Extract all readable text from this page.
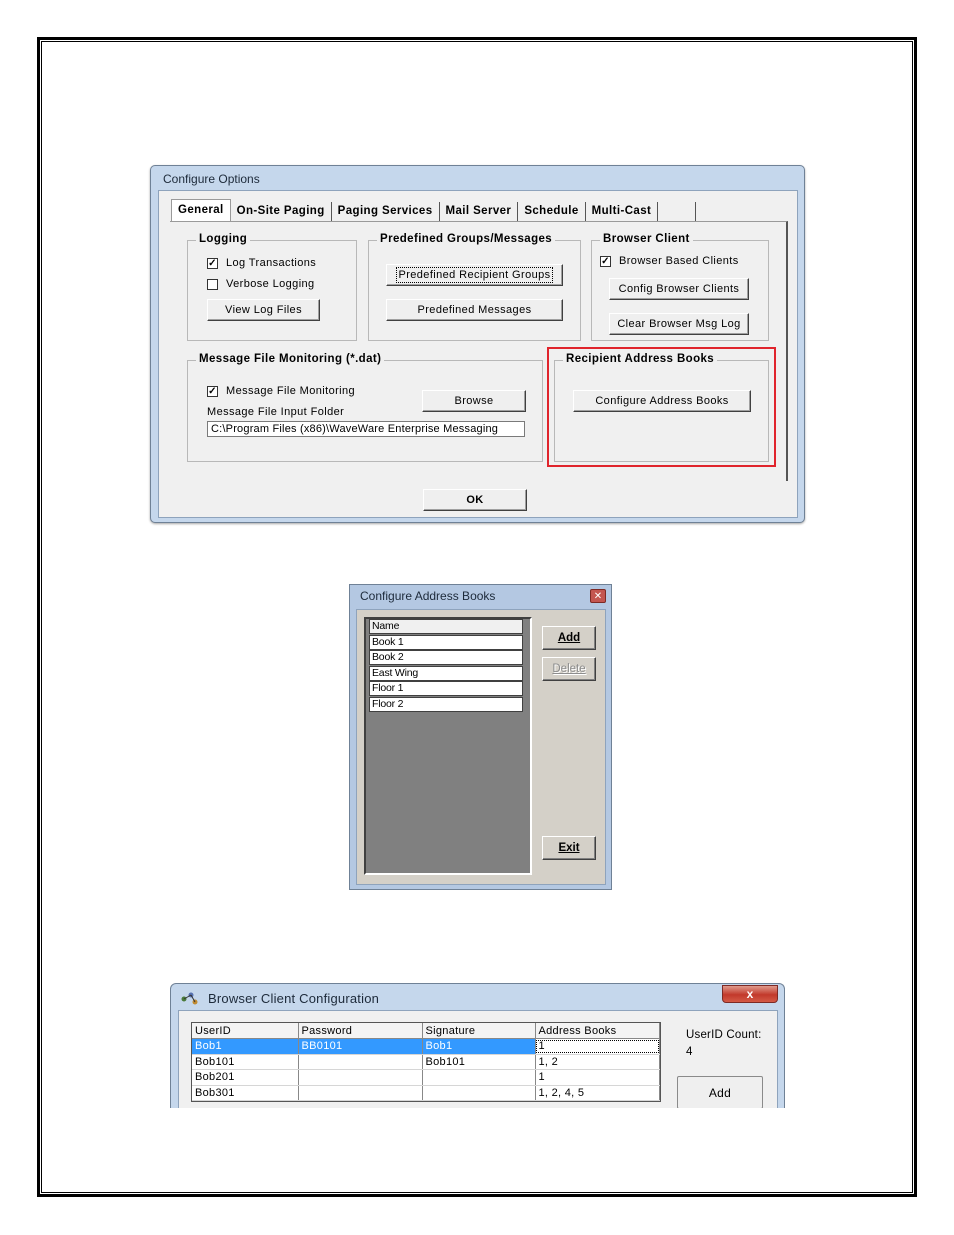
Configure Options
General	On-Site Paging	Paging Services	Mail Server	Schedule	Multi-Cast
Logging
✓ Log Transactions
Verbose Logging
View Log Files
Predefined Groups/Messages
Predefined Recipient Groups
Predefined Messages
Browser Client
✓ Browser Based Clients
Config Browser Clients
Clear Browser Msg Log
Message File Monitoring (*.dat)
✓ Message File Monitoring
Browse
Message File Input Folder
C:\Program Files (x86)\WaveWare Enterprise Messaging
Recipient Address Books
Configure Address Books
OK
Configure Address Books	✕
Name
Book 1
Book 2
East Wing
Floor 1
Floor 2
Add
Delete
Exit
Browser Client Configuration	x
UserID	Password	Signature	Address Books
Bob1	BB0101	Bob1	1
Bob101		Bob101	1, 2
Bob201			1
Bob301			1, 2, 4, 5
UserID Count:
4
Add
